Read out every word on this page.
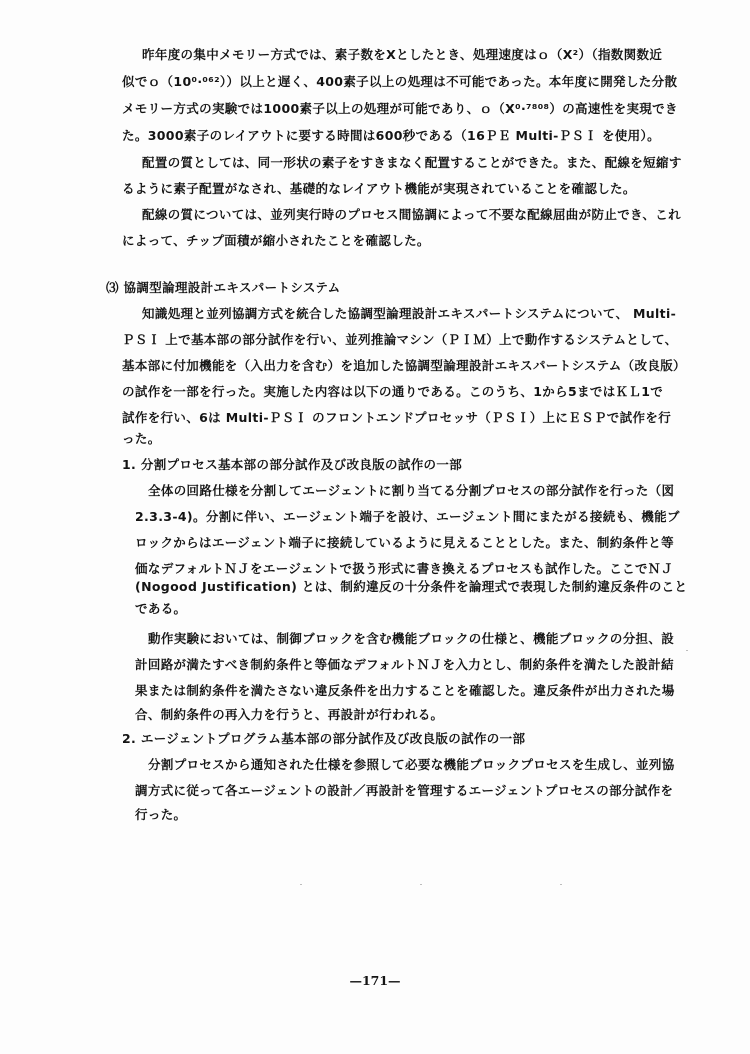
昨年度の集中メモリー方式では、素子数をXとしたとき、処理速度はｏ（X²）（指数関数近
似でｏ（10⁰·⁰⁶²））以上と遅く、400素子以上の処理は不可能であった。本年度に開発した分散
メモリー方式の実験では1000素子以上の処理が可能であり、ｏ（X⁰·⁷⁸⁰⁸）の高速性を実現でき
た。3000素子のレイアウトに要する時間は600秒である（16ＰＥ Multi-ＰＳＩ を使用）。
配置の質としては、同一形状の素子をすきまなく配置することができた。また、配線を短縮す
るように素子配置がなされ、基礎的なレイアウト機能が実現されていることを確認した。
配線の質については、並列実行時のプロセス間協調によって不要な配線屈曲が防止でき、これ
によって、チップ面積が縮小されたことを確認した。
⑶ 協調型論理設計エキスパートシステム
知識処理と並列協調方式を統合した協調型論理設計エキスパートシステムについて、 Multi-
ＰＳＩ 上で基本部の部分試作を行い、並列推論マシン（ＰＩＭ）上で動作するシステムとして、
基本部に付加機能を（入出力を含む）を追加した協調型論理設計エキスパートシステム（改良版）
の試作を一部を行った。実施した内容は以下の通りである。このうち、1から5まではＫＬ1で
試作を行い、6は Multi-ＰＳＩ のフロントエンドプロセッサ（ＰＳＩ）上にＥＳＰで試作を行
った。
1. 分割プロセス基本部の部分試作及び改良版の試作の一部
全体の回路仕様を分割してエージェントに割り当てる分割プロセスの部分試作を行った（図
2.3.3-4)。分割に伴い、エージェント端子を設け、エージェント間にまたがる接続も、機能ブ
ロックからはエージェント端子に接続しているように見えることとした。また、制約条件と等
価なデフォルトＮＪをエージェントで扱う形式に書き換えるプロセスも試作した。ここでＮＪ
(Nogood Justification) とは、制約違反の十分条件を論理式で表現した制約違反条件のこと
である。
動作実験においては、制御ブロックを含む機能ブロックの仕様と、機能ブロックの分担、設
計回路が満たすべき制約条件と等価なデフォルトＮＪを入力とし、制約条件を満たした設計結
果または制約条件を満たさない違反条件を出力することを確認した。違反条件が出力された場
合、制約条件の再入力を行うと、再設計が行われる。
2. エージェントプログラム基本部の部分試作及び改良版の試作の一部
分割プロセスから通知された仕様を参照して必要な機能ブロックプロセスを生成し、並列協
調方式に従って各エージェントの設計／再設計を管理するエージェントプロセスの部分試作を
行った。
—171—
